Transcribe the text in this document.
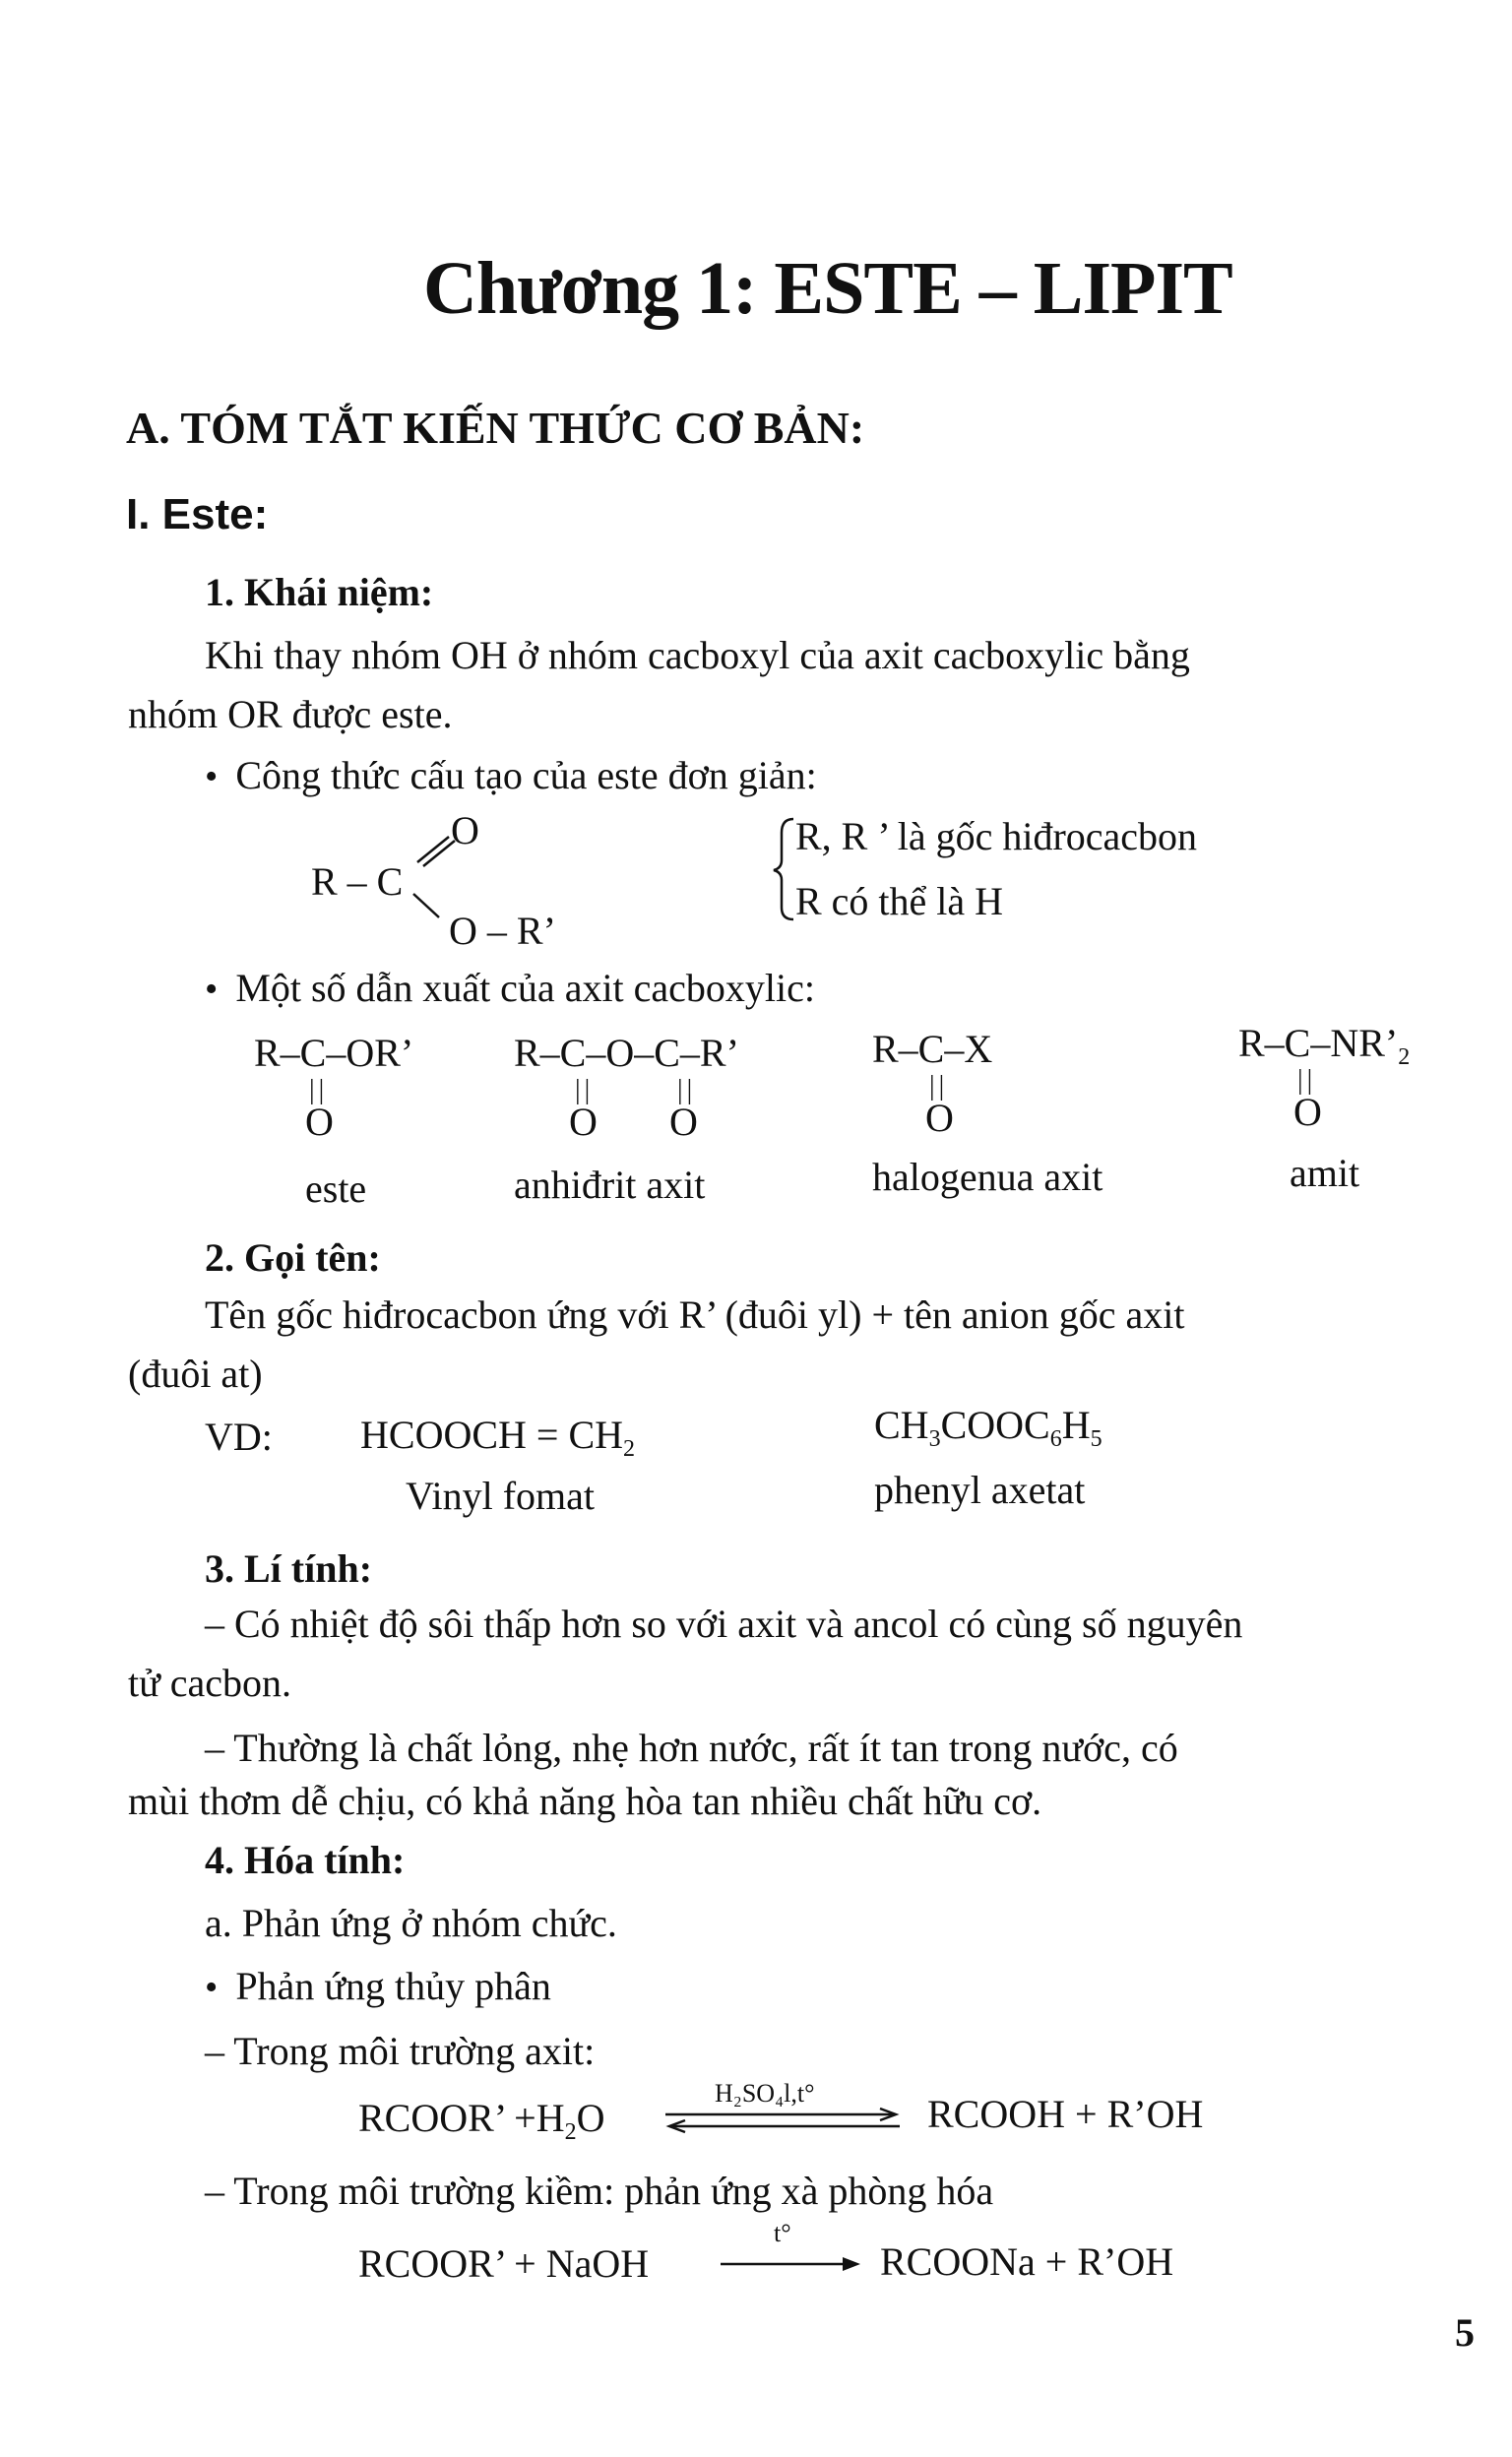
Chương 1: ESTE – LIPIT
A. TÓM TẮT KIẾN THỨC CƠ BẢN:
I. Este:
1. Khái niệm:
Khi thay nhóm OH ở nhóm cacboxyl của axit cacboxylic bằng
nhóm OR được este.
• Công thức cấu tạo của este đơn giản:
O
R – C
O – R’
R, R ’ là gốc hiđrocacbon
R có thể là H
• Một số dẫn xuất của axit cacboxylic:
R–C–OR’
||
O
este
R–C–O–C–R’
||
O
||
O
anhiđrit axit
R–C–X
||
O
halogenua axit
$R-C-NR’_2$
||
O
amit
2. Gọi tên:
Tên gốc hiđrocacbon ứng với R’ (đuôi yl) + tên anion gốc axit
(đuôi at)
VD: HCOOCH = $CH_2$
$CH_3COOC_6H_5$
Vinyl fomat	phenyl axetat
3. Lí tính:
– Có nhiệt độ sôi thấp hơn so với axit và ancol có cùng số nguyên
tử cacbon.
– Thường là chất lỏng, nhẹ hơn nước, rất ít tan trong nước, có
mùi thơm dễ chịu, có khả năng hòa tan nhiều chất hữu cơ.
4. Hóa tính:
a. Phản ứng ở nhóm chức.
• Phản ứng thủy phân
– Trong môi trường axit:
RCOOR’ $+H_2O$
H₂SO₄l,t°	RCOOH + R’OH
– Trong môi trường kiềm: phản ứng xà phòng hóa
RCOOR’ + NaOH
t°
RCOONa + R’OH
5
